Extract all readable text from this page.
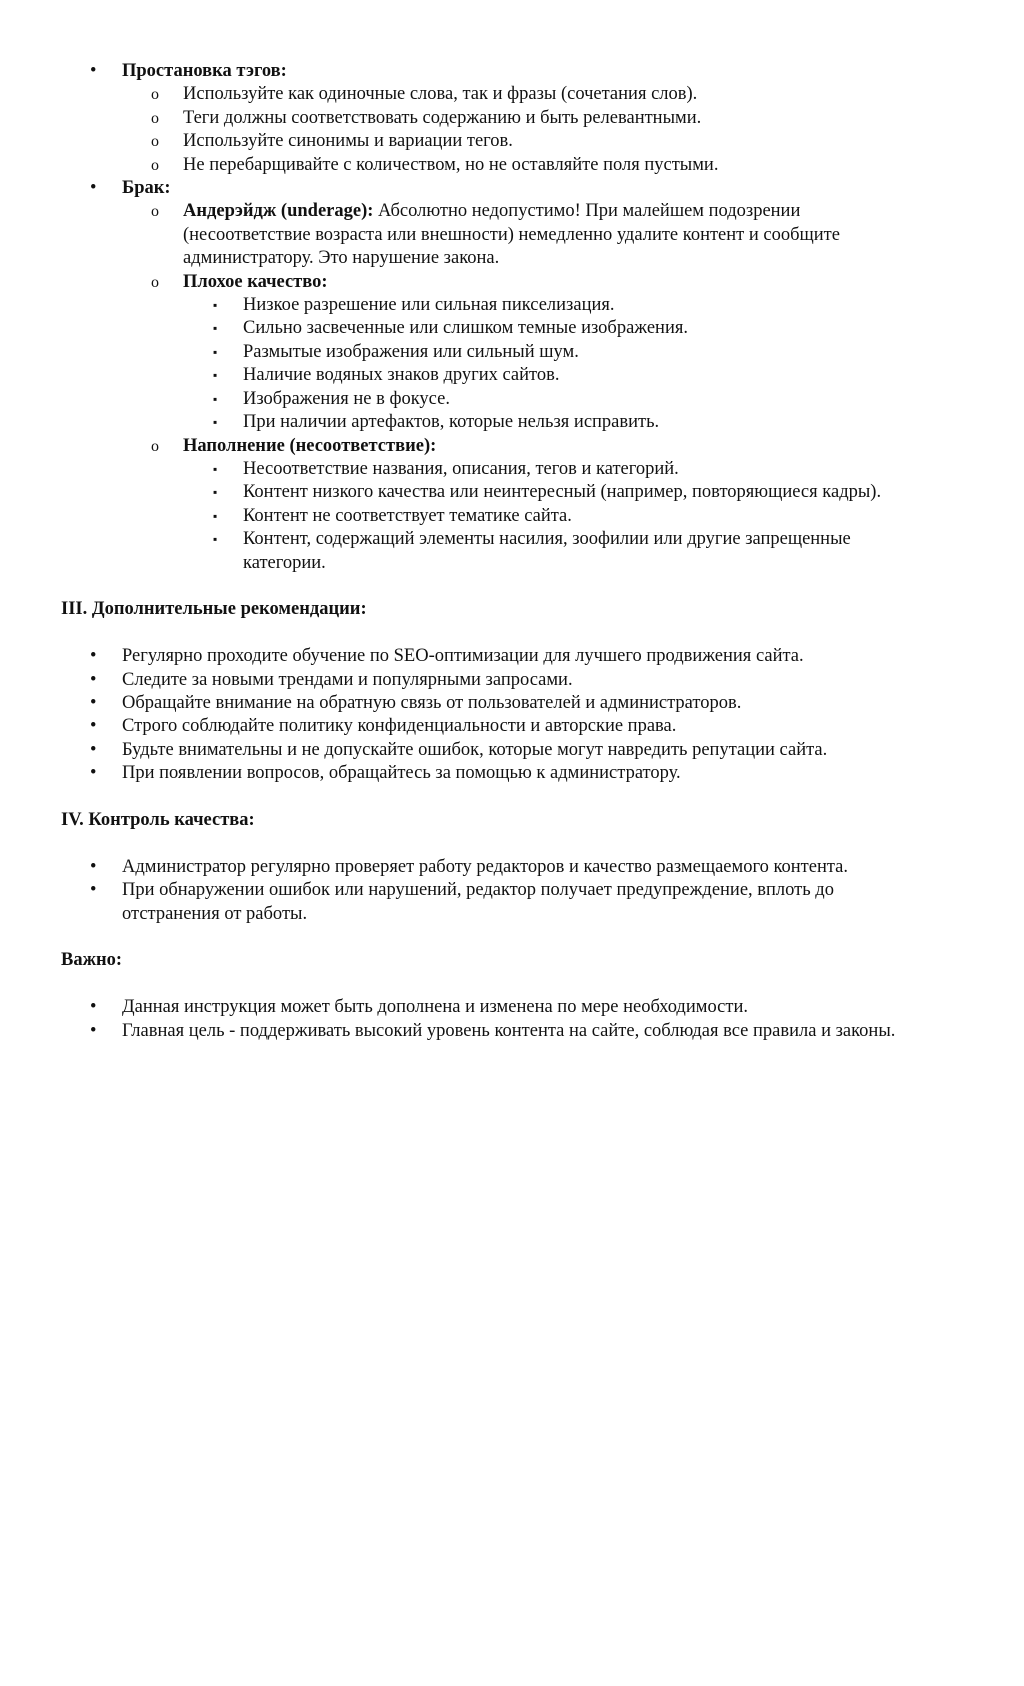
• Простановка тэгов:
o Используйте как одиночные слова, так и фразы (сочетания слов).
o Теги должны соответствовать содержанию и быть релевантными.
o Используйте синонимы и вариации тегов.
o Не перебарщивайте с количеством, но не оставляйте поля пустыми.
• Брак:
o Андерэйдж (underage): Абсолютно недопустимо! При малейшем подозрении (несоответствие возраста или внешности) немедленно удалите контент и сообщите администратору. Это нарушение закона.
o Плохое качество:
▪ Низкое разрешение или сильная пикселизация.
▪ Сильно засвеченные или слишком темные изображения.
▪ Размытые изображения или сильный шум.
▪ Наличие водяных знаков других сайтов.
▪ Изображения не в фокусе.
▪ При наличии артефактов, которые нельзя исправить.
o Наполнение (несоответствие):
▪ Несоответствие названия, описания, тегов и категорий.
▪ Контент низкого качества или неинтересный (например, повторяющиеся кадры).
▪ Контент не соответствует тематике сайта.
▪ Контент, содержащий элементы насилия, зоофилии или другие запрещенные категории.
III. Дополнительные рекомендации:
• Регулярно проходите обучение по SEO-оптимизации для лучшего продвижения сайта.
• Следите за новыми трендами и популярными запросами.
• Обращайте внимание на обратную связь от пользователей и администраторов.
• Строго соблюдайте политику конфиденциальности и авторские права.
• Будьте внимательны и не допускайте ошибок, которые могут навредить репутации сайта.
• При появлении вопросов, обращайтесь за помощью к администратору.
IV. Контроль качества:
• Администратор регулярно проверяет работу редакторов и качество размещаемого контента.
• При обнаружении ошибок или нарушений, редактор получает предупреждение, вплоть до отстранения от работы.
Важно:
• Данная инструкция может быть дополнена и изменена по мере необходимости.
• Главная цель - поддерживать высокий уровень контента на сайте, соблюдая все правила и законы.
